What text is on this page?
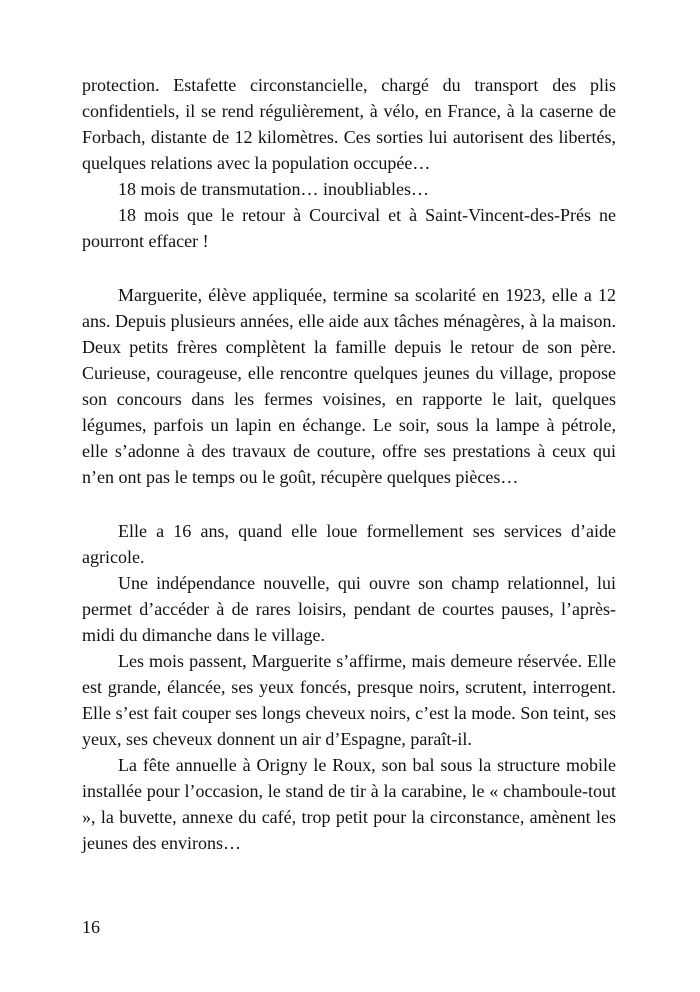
protection. Estafette circonstancielle, chargé du transport des plis confidentiels, il se rend régulièrement, à vélo, en France, à la caserne de Forbach, distante de 12 kilomètres. Ces sorties lui autorisent des libertés, quelques relations avec la population occupée…

18 mois de transmutation… inoubliables…

18 mois que le retour à Courcival et à Saint-Vincent-des-Prés ne pourront effacer !

Marguerite, élève appliquée, termine sa scolarité en 1923, elle a 12 ans. Depuis plusieurs années, elle aide aux tâches ménagères, à la maison. Deux petits frères complètent la famille depuis le retour de son père. Curieuse, courageuse, elle rencontre quelques jeunes du village, propose son concours dans les fermes voisines, en rapporte le lait, quelques légumes, parfois un lapin en échange. Le soir, sous la lampe à pétrole, elle s’adonne à des travaux de couture, offre ses prestations à ceux qui n’en ont pas le temps ou le goût, récupère quelques pièces…

Elle a 16 ans, quand elle loue formellement ses services d’aide agricole.

Une indépendance nouvelle, qui ouvre son champ relationnel, lui permet d’accéder à de rares loisirs, pendant de courtes pauses, l’après-midi du dimanche dans le village.

Les mois passent, Marguerite s’affirme, mais demeure réservée. Elle est grande, élancée, ses yeux foncés, presque noirs, scrutent, interrogent. Elle s’est fait couper ses longs cheveux noirs, c’est la mode. Son teint, ses yeux, ses cheveux donnent un air d’Espagne, paraît-il.

La fête annuelle à Origny le Roux, son bal sous la structure mobile installée pour l’occasion, le stand de tir à la carabine, le « chamboule-tout », la buvette, annexe du café, trop petit pour la circonstance, amènent les jeunes des environs…

16
